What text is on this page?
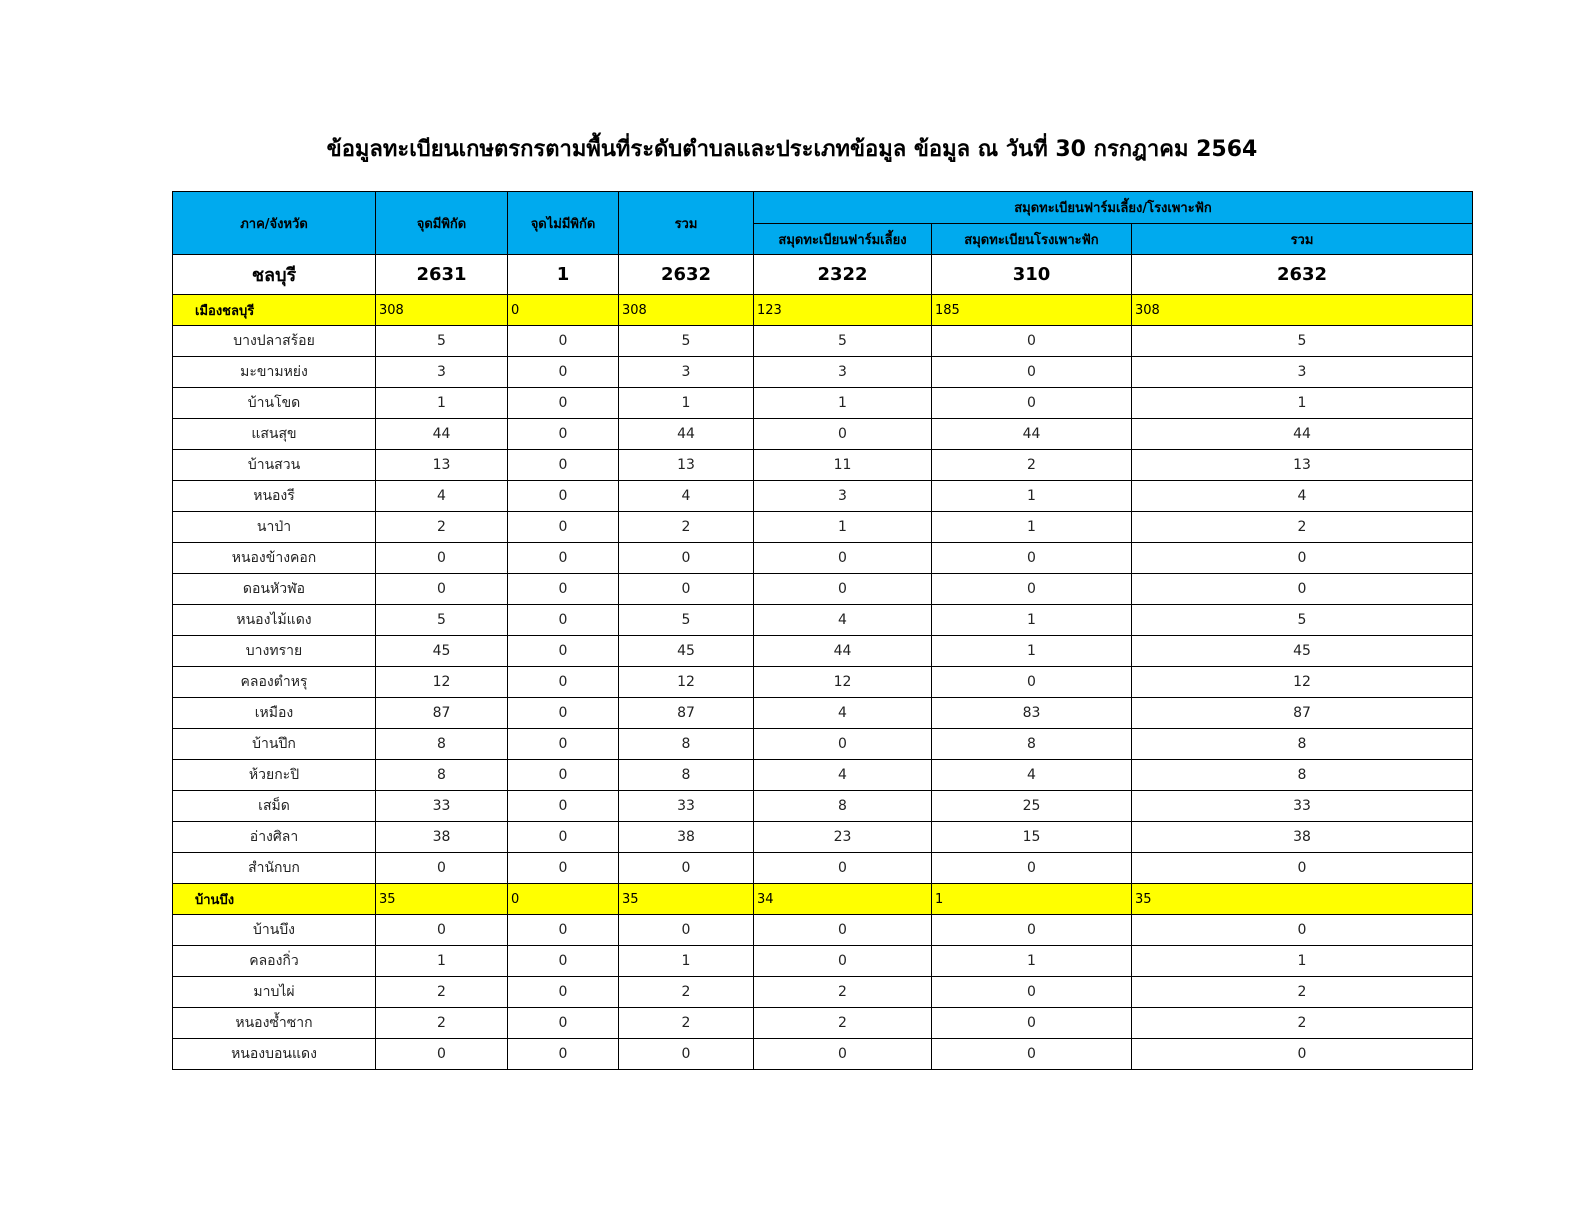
ข้อมูลทะเบียนเกษตรกรตามพื้นที่ระดับตำบลและประเภทข้อมูล ข้อมูล ณ วันที่ 30 กรกฎาคม 2564
ภาค/จังหวัด	จุดมีพิกัด	จุดไม่มีพิกัด	รวม	สมุดทะเบียนฟาร์มเลี้ยง/โรงเพาะฟัก		
				สมุดทะเบียนฟาร์มเลี้ยง	สมุดทะเบียนโรงเพาะฟัก	รวม
ชลบุรี	2631	1	2632	2322	310	2632
เมืองชลบุรี	308	0	308	123	185	308
บางปลาสร้อย	5	0	5	5	0	5
มะขามหย่ง	3	0	3	3	0	3
บ้านโขด	1	0	1	1	0	1
แสนสุข	44	0	44	0	44	44
บ้านสวน	13	0	13	11	2	13
หนองรี	4	0	4	3	1	4
นาป่า	2	0	2	1	1	2
หนองข้างคอก	0	0	0	0	0	0
ดอนหัวฬ่อ	0	0	0	0	0	0
หนองไม้แดง	5	0	5	4	1	5
บางทราย	45	0	45	44	1	45
คลองตำหรุ	12	0	12	12	0	12
เหมือง	87	0	87	4	83	87
บ้านปึก	8	0	8	0	8	8
ห้วยกะปิ	8	0	8	4	4	8
เสม็ด	33	0	33	8	25	33
อ่างศิลา	38	0	38	23	15	38
สำนักบก	0	0	0	0	0	0
บ้านบึง	35	0	35	34	1	35
บ้านบึง	0	0	0	0	0	0
คลองกิ่ว	1	0	1	0	1	1
มาบไผ่	2	0	2	2	0	2
หนองซ้ำซาก	2	0	2	2	0	2
หนองบอนแดง	0	0	0	0	0	0
